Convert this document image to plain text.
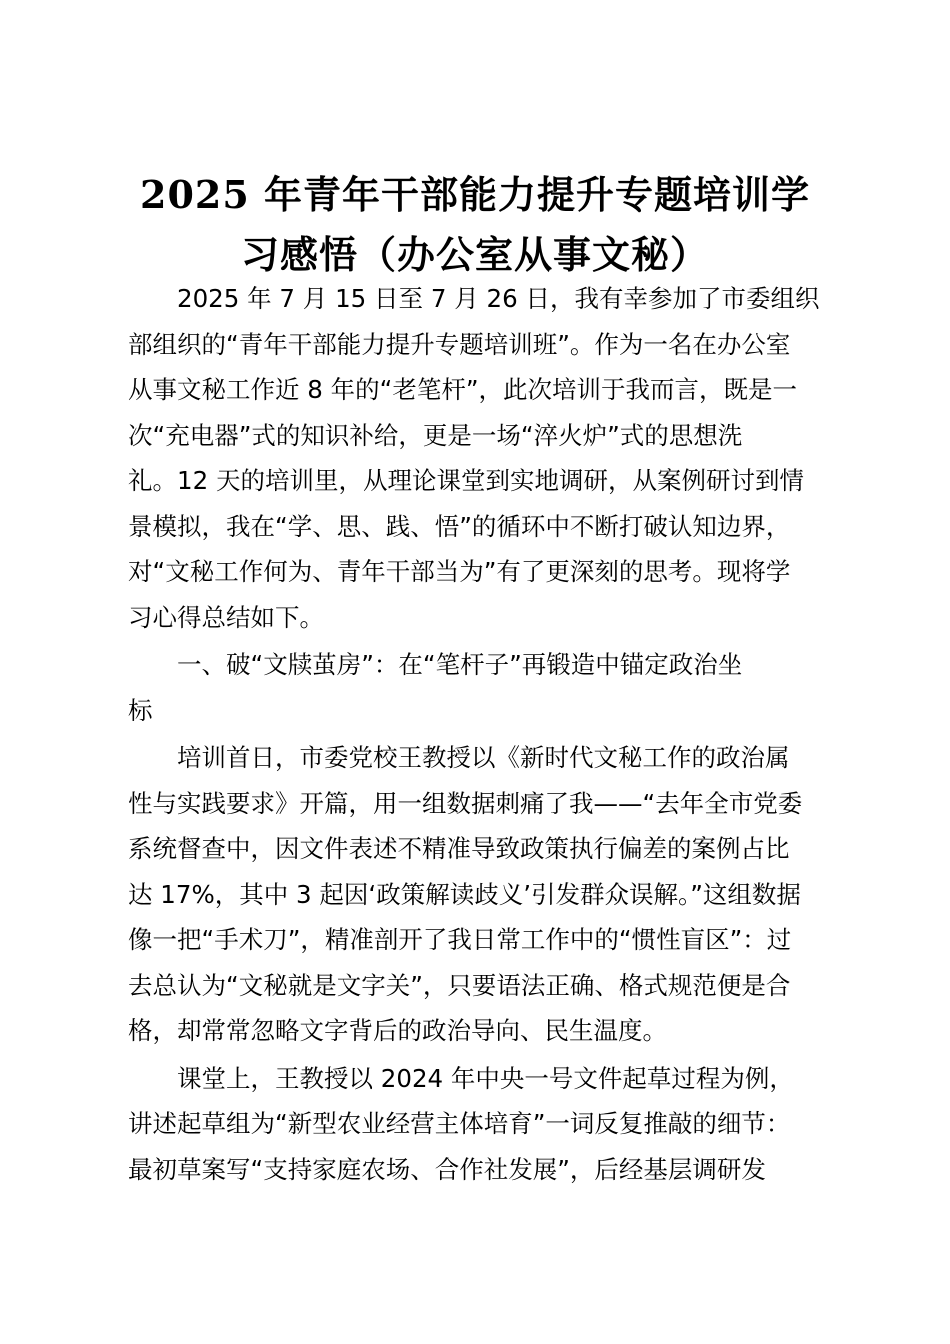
2025 年青年干部能力提升专题培训学
习感悟（办公室从事文秘）

2025 年 7 月 15 日至 7 月 26 日，我有幸参加了市委组织
部组织的“青年干部能力提升专题培训班”。作为一名在办公室
从事文秘工作近 8 年的“老笔杆”，此次培训于我而言，既是一
次“充电器”式的知识补给，更是一场“淬火炉”式的思想洗
礼。12 天的培训里，从理论课堂到实地调研，从案例研讨到情
景模拟，我在“学、思、践、悟”的循环中不断打破认知边界，
对“文秘工作何为、青年干部当为”有了更深刻的思考。现将学
习心得总结如下。

一、破“文牍茧房”：在“笔杆子”再锻造中锚定政治坐
标

培训首日，市委党校王教授以《新时代文秘工作的政治属
性与实践要求》开篇，用一组数据刺痛了我——“去年全市党委
系统督查中，因文件表述不精准导致政策执行偏差的案例占比
达 17%，其中 3 起因‘政策解读歧义’引发群众误解。”这组数据
像一把“手术刀”，精准剖开了我日常工作中的“惯性盲区”：过
去总认为“文秘就是文字关”，只要语法正确、格式规范便是合
格，却常常忽略文字背后的政治导向、民生温度。

课堂上，王教授以 2024 年中央一号文件起草过程为例，
讲述起草组为“新型农业经营主体培育”一词反复推敲的细节：
最初草案写“支持家庭农场、合作社发展”，后经基层调研发
